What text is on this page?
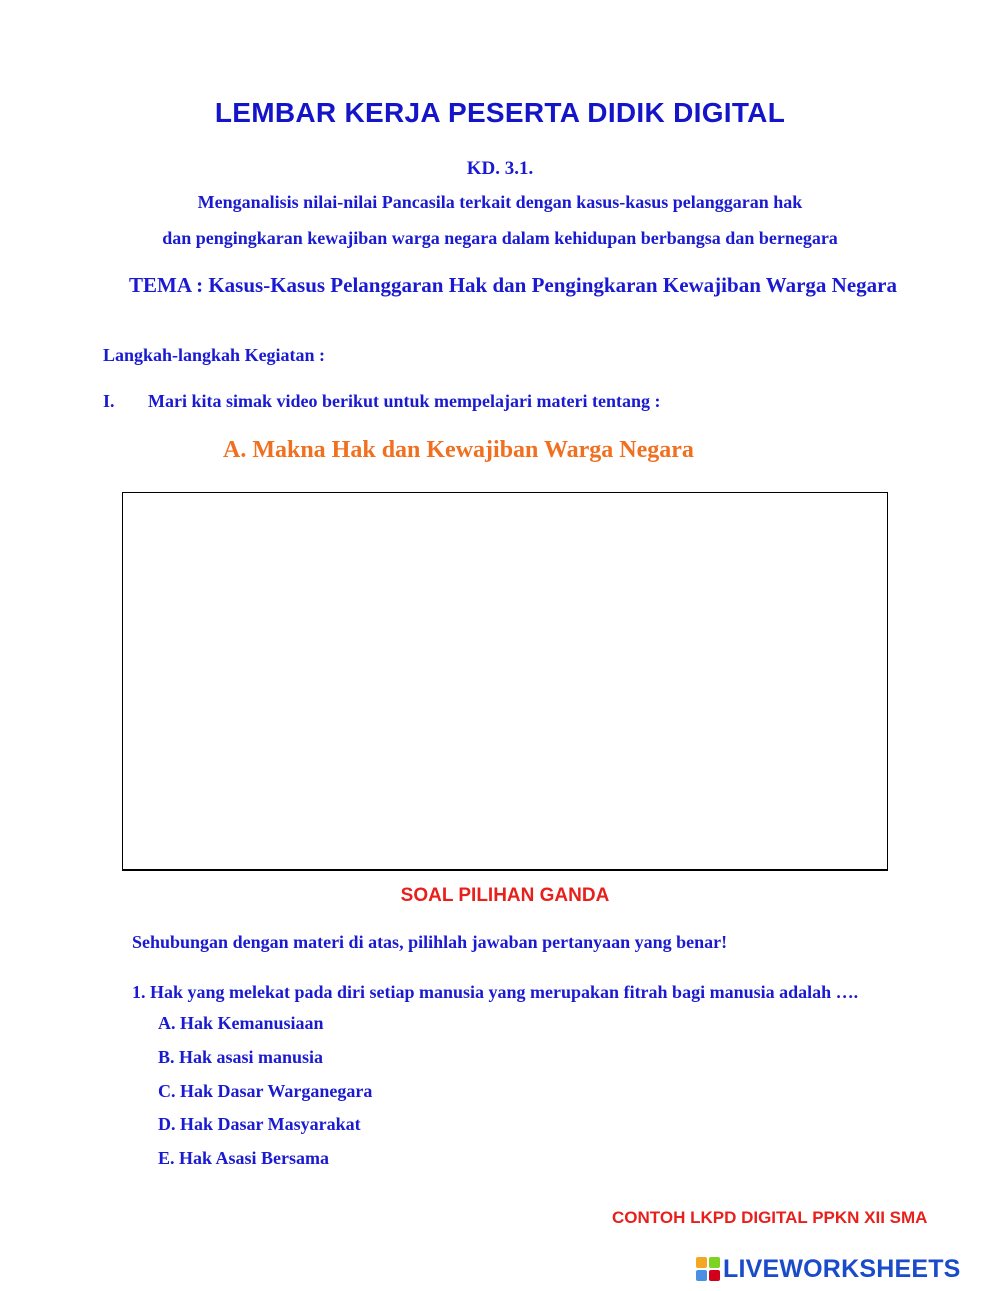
LEMBAR KERJA PESERTA DIDIK DIGITAL
KD. 3.1.
Menganalisis nilai-nilai Pancasila terkait dengan kasus-kasus pelanggaran hak
dan pengingkaran kewajiban warga negara dalam kehidupan berbangsa dan bernegara
TEMA : Kasus-Kasus Pelanggaran Hak dan Pengingkaran Kewajiban Warga Negara
Langkah-langkah Kegiatan :
I. Mari kita simak video berikut untuk mempelajari materi tentang :
A. Makna Hak dan Kewajiban Warga Negara
SOAL PILIHAN GANDA
Sehubungan dengan materi di atas, pilihlah jawaban pertanyaan yang benar!
1. Hak yang melekat pada diri setiap manusia yang merupakan fitrah bagi manusia adalah ….
A. Hak Kemanusiaan
B. Hak asasi manusia
C. Hak Dasar Warganegara
D. Hak Dasar Masyarakat
E. Hak Asasi Bersama
CONTOH LKPD DIGITAL PPKN XII SMA
LIVEWORKSHEETS
